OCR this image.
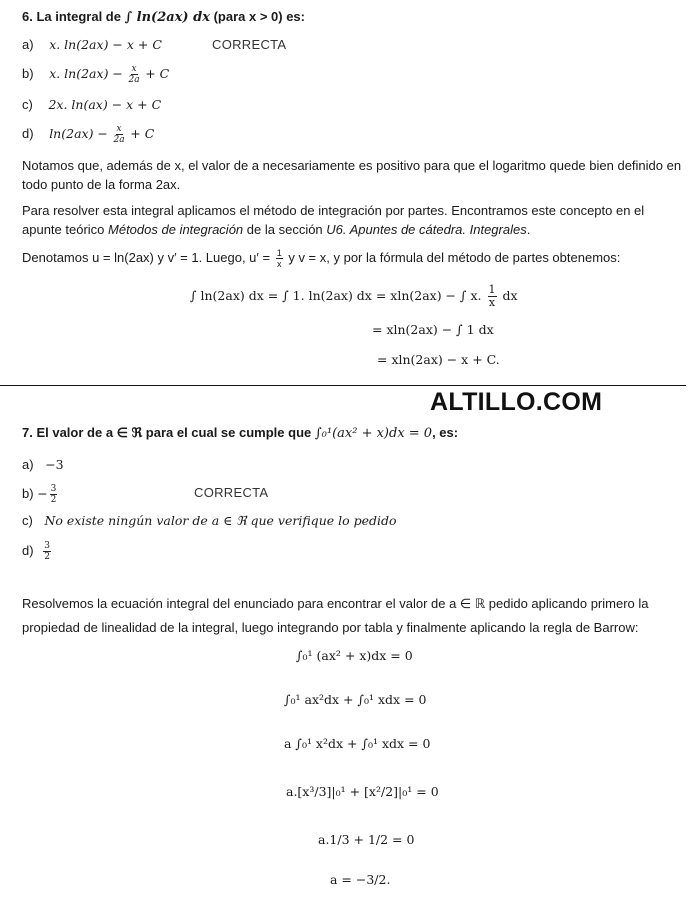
6. La integral de ∫ ln(2ax) dx (para x > 0) es:
a) x. ln(2ax) − x + C	CORRECTA
b) x. $\ln(2ax) - \frac{x}{2a} + C$
c) 2x. ln(ax) − x + C
d) $\ln(2ax) - \frac{x}{2a} + C$
Notamos que, además de x, el valor de a necesariamente es positivo para que el logaritmo quede bien definido en todo punto de la forma 2ax.
Para resolver esta integral aplicamos el método de integración por partes. Encontramos este concepto en el apunte teórico Métodos de integración de la sección U6. Apuntes de cátedra. Integrales.
Denotamos u = ln(2ax) y v′ = 1. Luego, $u' = \frac{1}{x}$ y v = x, y por la fórmula del método de partes obtenemos:
∫ ln(2ax) dx = ∫ 1. ln(2ax) dx = xln(2ax) − ∫ x. $\frac{1}{x}$ dx
= xln(2ax) − ∫ 1 dx
= xln(2ax) − x + C.
ALTILLO.COM
7. El valor de a ∈ ℜ para el cual se cumple que ∫₀¹(ax² + x)dx = 0, es:
a) −3
$b) - \frac{3}{2}$	CORRECTA
c) No existe ningún valor de a ∈ ℜ que verifique lo pedido
$d) \frac{3}{2}$
Resolvemos la ecuación integral del enunciado para encontrar el valor de a ∈ ℝ pedido aplicando primero la propiedad de linealidad de la integral, luego integrando por tabla y finalmente aplicando la regla de Barrow:
∫₀¹ (ax² + x)dx = 0
∫₀¹ ax²dx + ∫₀¹ xdx = 0
a ∫₀¹ x²dx + ∫₀¹ xdx = 0
a.[x³/3]|₀¹ + [x²/2]|₀¹ = 0
a.1/3 + 1/2 = 0
a = −3/2.
